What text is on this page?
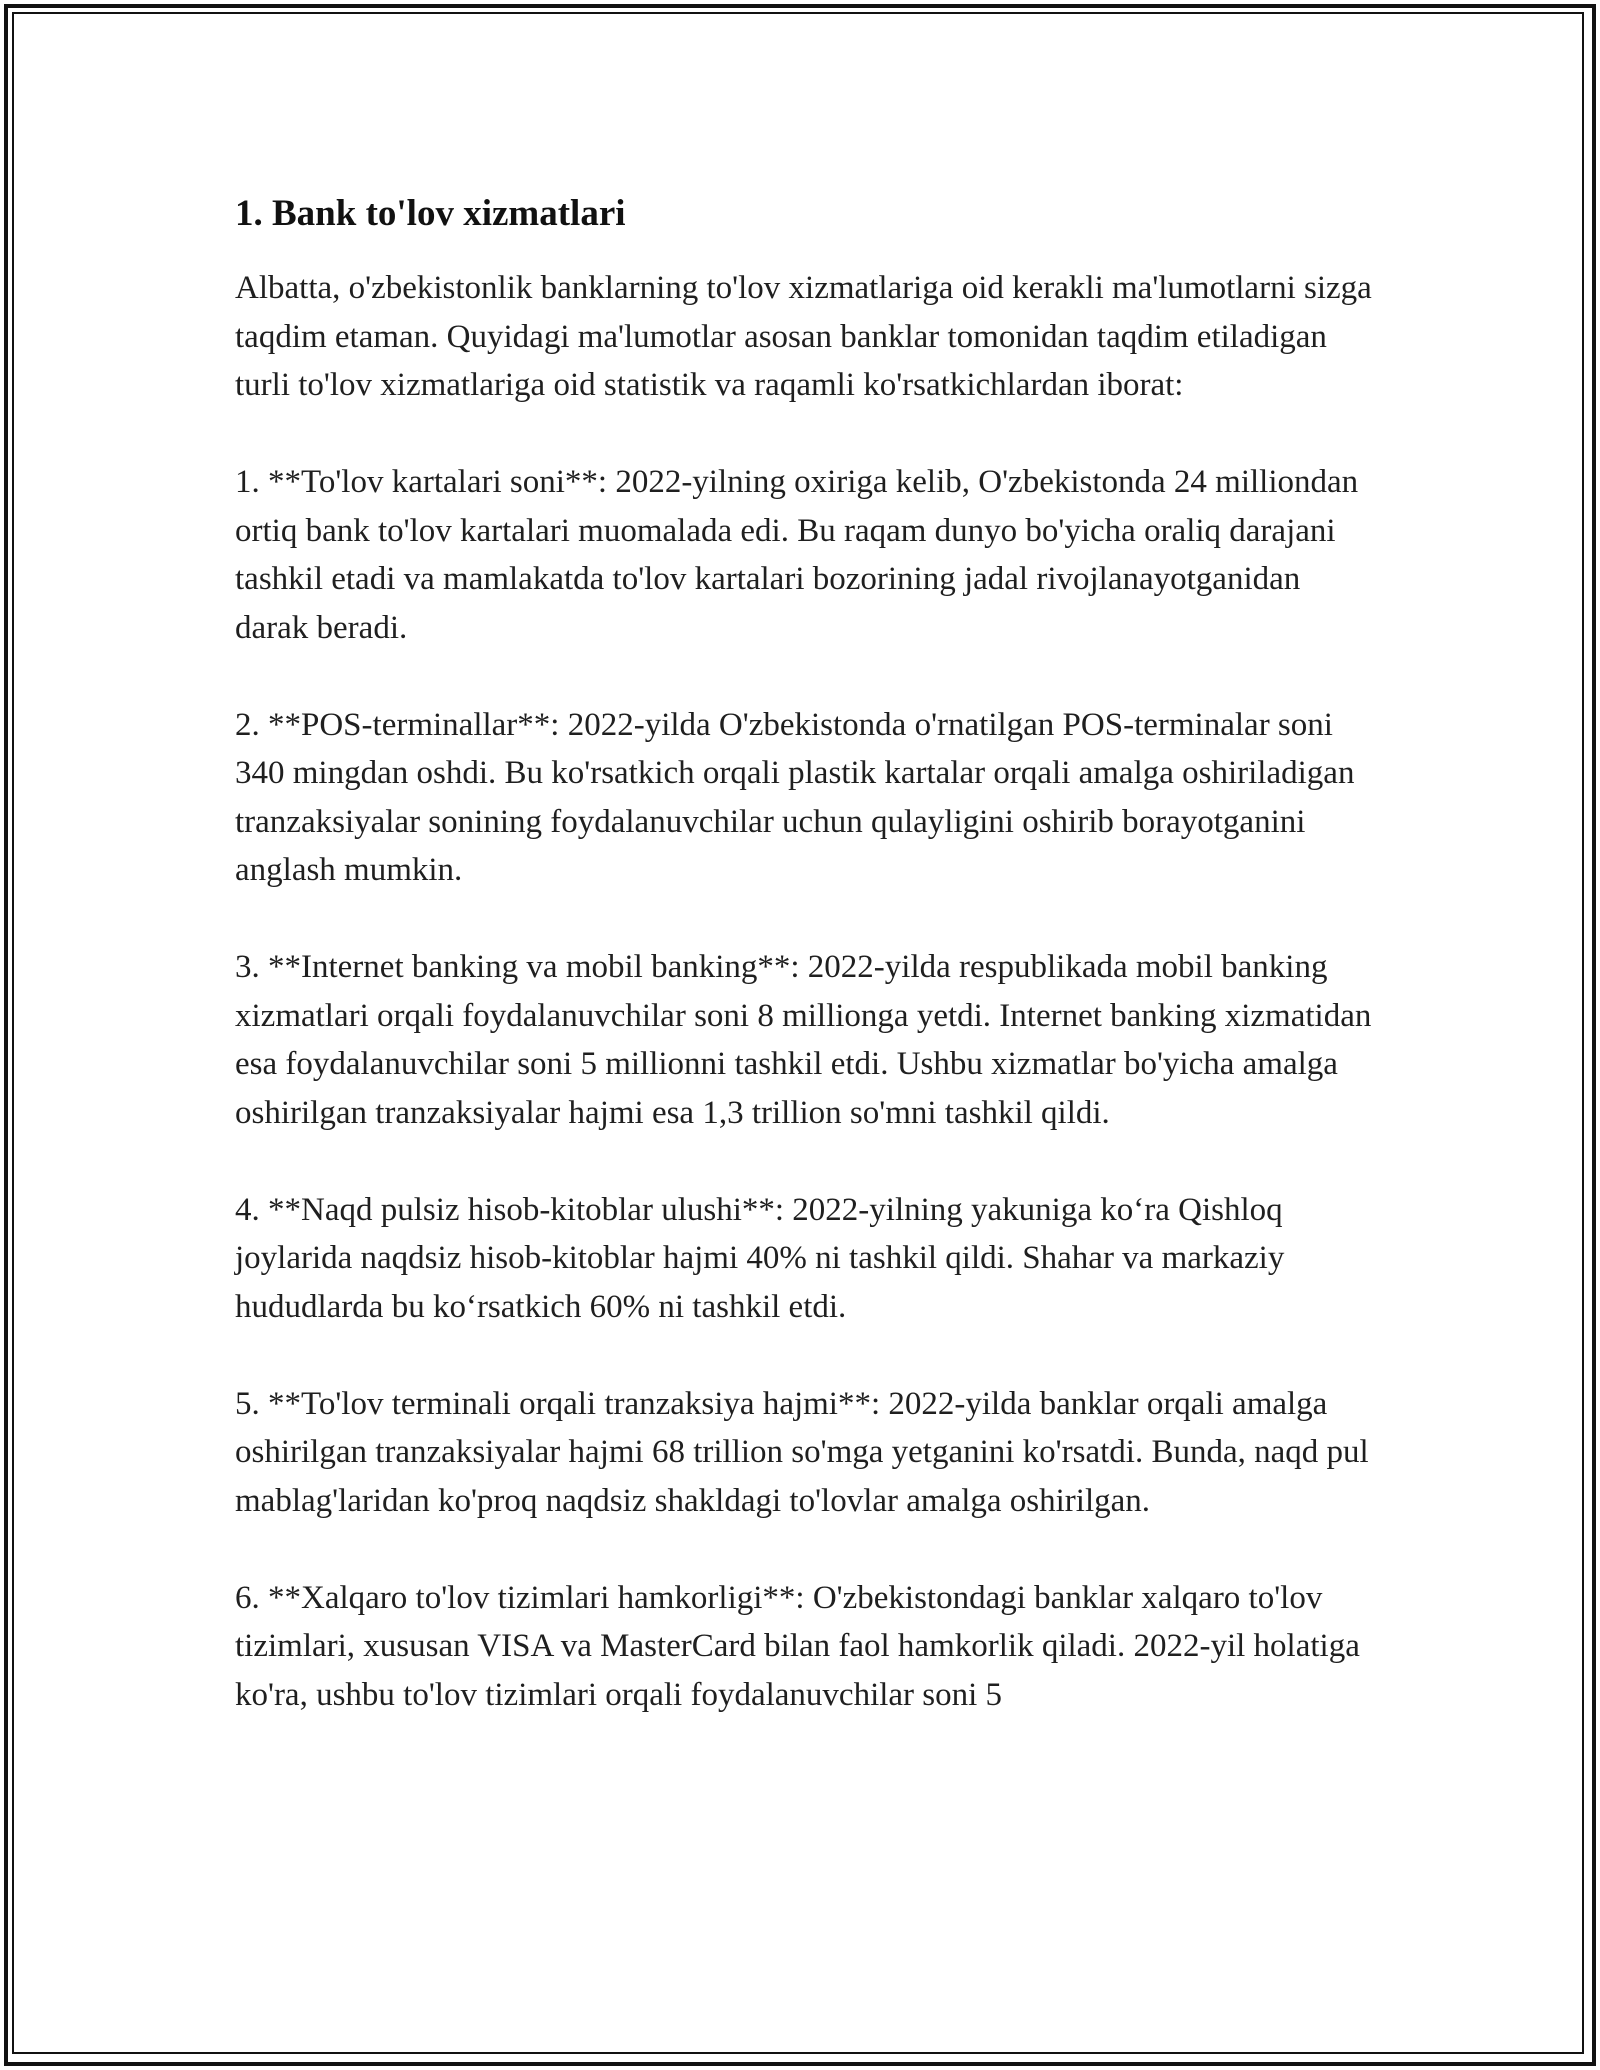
1. Bank to'lov xizmatlari

Albatta, o'zbekistonlik banklarning to'lov xizmatlariga oid kerakli ma'lumotlarni sizga taqdim etaman. Quyidagi ma'lumotlar asosan banklar tomonidan taqdim etiladigan turli to'lov xizmatlariga oid statistik va raqamli ko'rsatkichlardan iborat:

1. **To'lov kartalari soni**: 2022-yilning oxiriga kelib, O'zbekistonda 24 milliondan ortiq bank to'lov kartalari muomalada edi. Bu raqam dunyo bo'yicha oraliq darajani tashkil etadi va mamlakatda to'lov kartalari bozorining jadal rivojlanayotganidan darak beradi.

2. **POS-terminallar**: 2022-yilda O'zbekistonda o'rnatilgan POS-terminalar soni 340 mingdan oshdi. Bu ko'rsatkich orqali plastik kartalar orqali amalga oshiriladigan tranzaksiyalar sonining foydalanuvchilar uchun qulayligini oshirib borayotganini anglash mumkin.

3. **Internet banking va mobil banking**: 2022-yilda respublikada mobil banking xizmatlari orqali foydalanuvchilar soni 8 millionga yetdi. Internet banking xizmatidan esa foydalanuvchilar soni 5 millionni tashkil etdi. Ushbu xizmatlar bo'yicha amalga oshirilgan tranzaksiyalar hajmi esa 1,3 trillion so'mni tashkil qildi.

4. **Naqd pulsiz hisob-kitoblar ulushi**: 2022-yilning yakuniga ko‘ra Qishloq joylarida naqdsiz hisob-kitoblar hajmi 40% ni tashkil qildi. Shahar va markaziy hududlarda bu ko‘rsatkich 60% ni tashkil etdi.

5. **To'lov terminali orqali tranzaksiya hajmi**: 2022-yilda banklar orqali amalga oshirilgan tranzaksiyalar hajmi 68 trillion so'mga yetganini ko'rsatdi. Bunda, naqd pul mablag'laridan ko'proq naqdsiz shakldagi to'lovlar amalga oshirilgan.

6. **Xalqaro to'lov tizimlari hamkorligi**: O'zbekistondagi banklar xalqaro to'lov tizimlari, xususan VISA va MasterCard bilan faol hamkorlik qiladi. 2022-yil holatiga ko'ra, ushbu to'lov tizimlari orqali foydalanuvchilar soni 5
